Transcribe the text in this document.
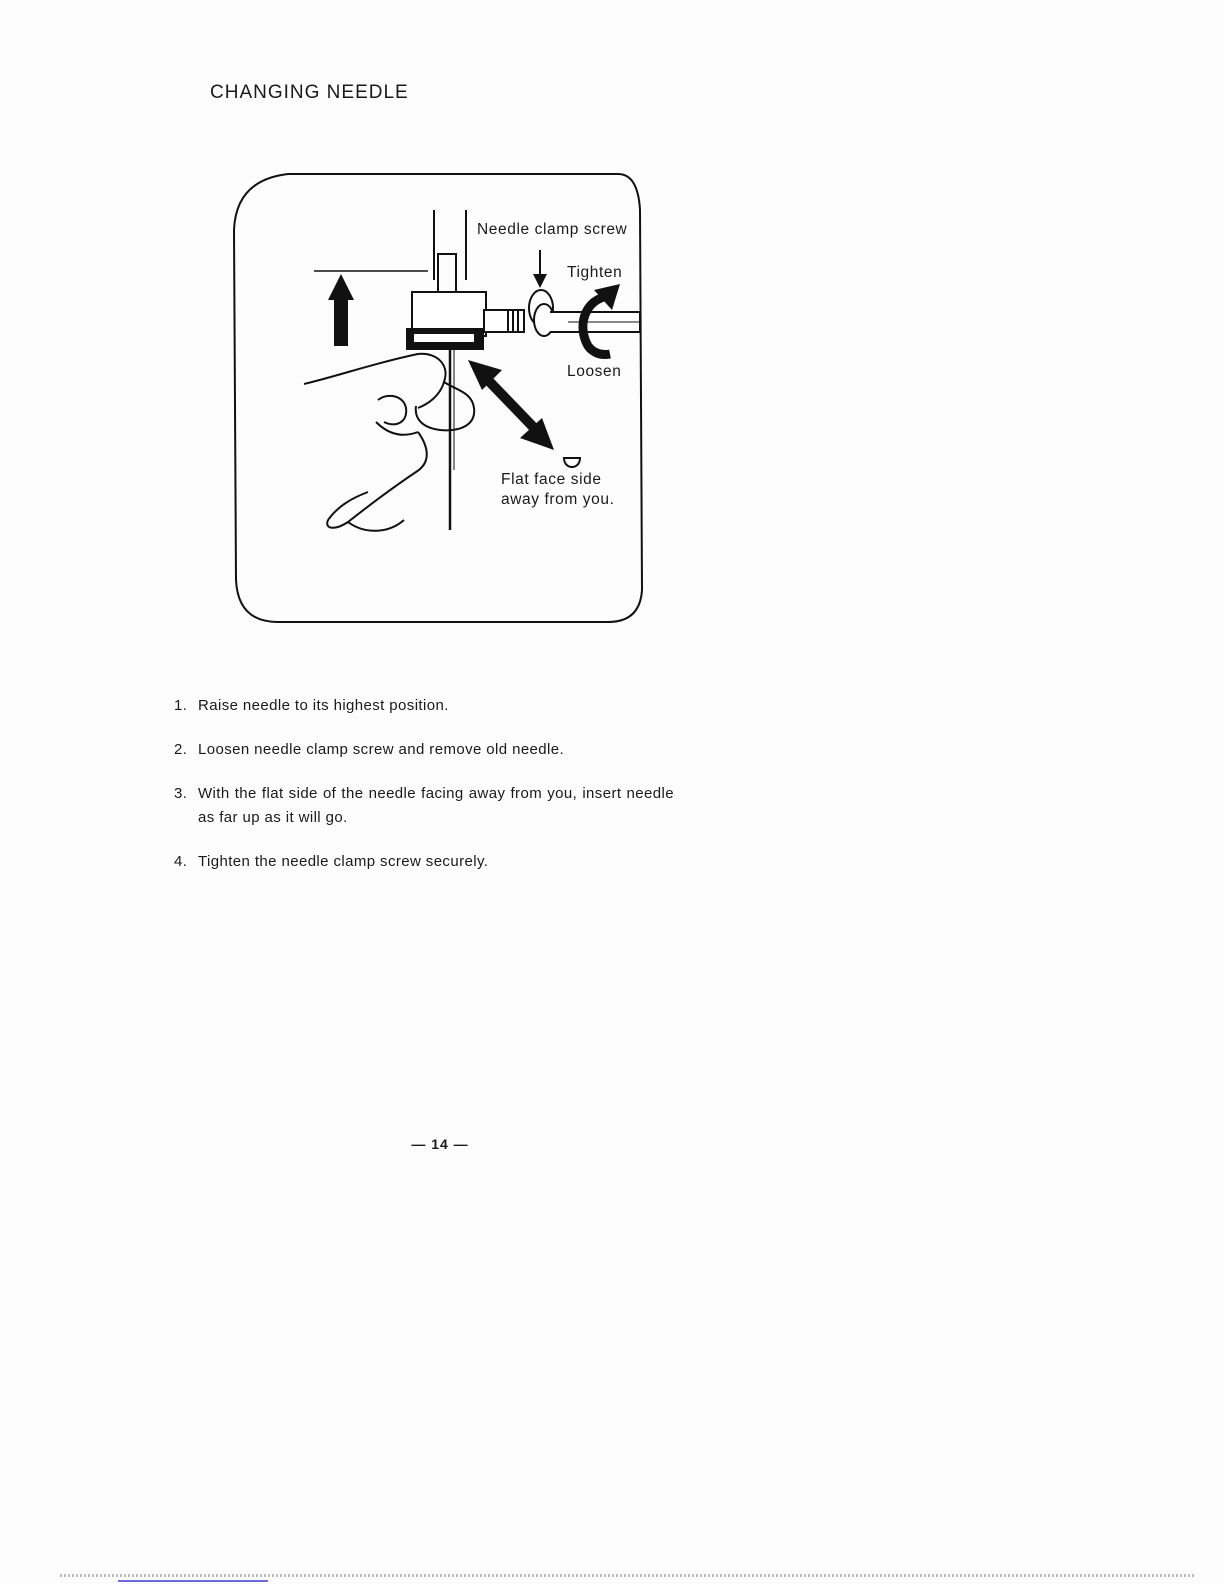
CHANGING NEEDLE
Needle clamp screw
Tighten
Loosen
Flat face side
away from you.
1. Raise needle to its highest position.
2. Loosen needle clamp screw and remove old needle.
3. With the flat side of the needle facing away from you, insert needle as far up as it will go.
4. Tighten the needle clamp screw securely.
— 14 —
